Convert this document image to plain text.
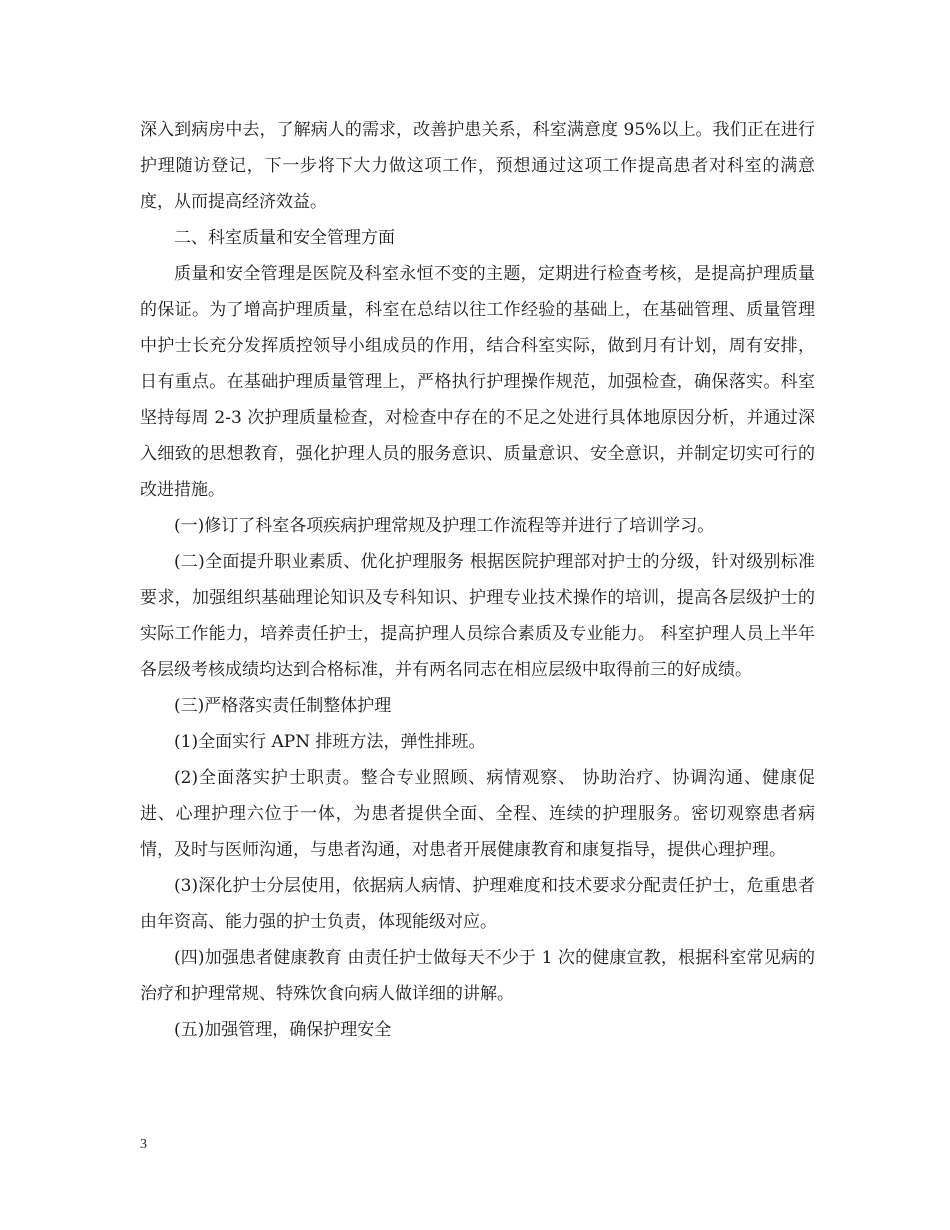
深入到病房中去，了解病人的需求，改善护患关系，科室满意度 95%以上。我们正在进行护理随访登记，下一步将下大力做这项工作，预想通过这项工作提高患者对科室的满意度，从而提高经济效益。

二、科室质量和安全管理方面

质量和安全管理是医院及科室永恒不变的主题，定期进行检查考核，是提高护理质量的保证。为了增高护理质量，科室在总结以往工作经验的基础上，在基础管理、质量管理中护士长充分发挥质控领导小组成员的作用，结合科室实际，做到月有计划，周有安排，日有重点。在基础护理质量管理上，严格执行护理操作规范，加强检查，确保落实。科室坚持每周 2-3 次护理质量检查，对检查中存在的不足之处进行具体地原因分析，并通过深入细致的思想教育，强化护理人员的服务意识、质量意识、安全意识，并制定切实可行的改进措施。

(一)修订了科室各项疾病护理常规及护理工作流程等并进行了培训学习。

(二)全面提升职业素质、优化护理服务 根据医院护理部对护士的分级，针对级别标准要求，加强组织基础理论知识及专科知识、护理专业技术操作的培训，提高各层级护士的实际工作能力，培养责任护士，提高护理人员综合素质及专业能力。 科室护理人员上半年各层级考核成绩均达到合格标准，并有两名同志在相应层级中取得前三的好成绩。

(三)严格落实责任制整体护理

(1)全面实行 APN 排班方法，弹性排班。

(2)全面落实护士职责。整合专业照顾、病情观察、 协助治疗、协调沟通、健康促进、心理护理六位于一体，为患者提供全面、全程、连续的护理服务。密切观察患者病情，及时与医师沟通，与患者沟通，对患者开展健康教育和康复指导，提供心理护理。

(3)深化护士分层使用，依据病人病情、护理难度和技术要求分配责任护士，危重患者由年资高、能力强的护士负责，体现能级对应。

(四)加强患者健康教育 由责任护士做每天不少于 1 次的健康宣教，根据科室常见病的治疗和护理常规、特殊饮食向病人做详细的讲解。

(五)加强管理，确保护理安全

3
